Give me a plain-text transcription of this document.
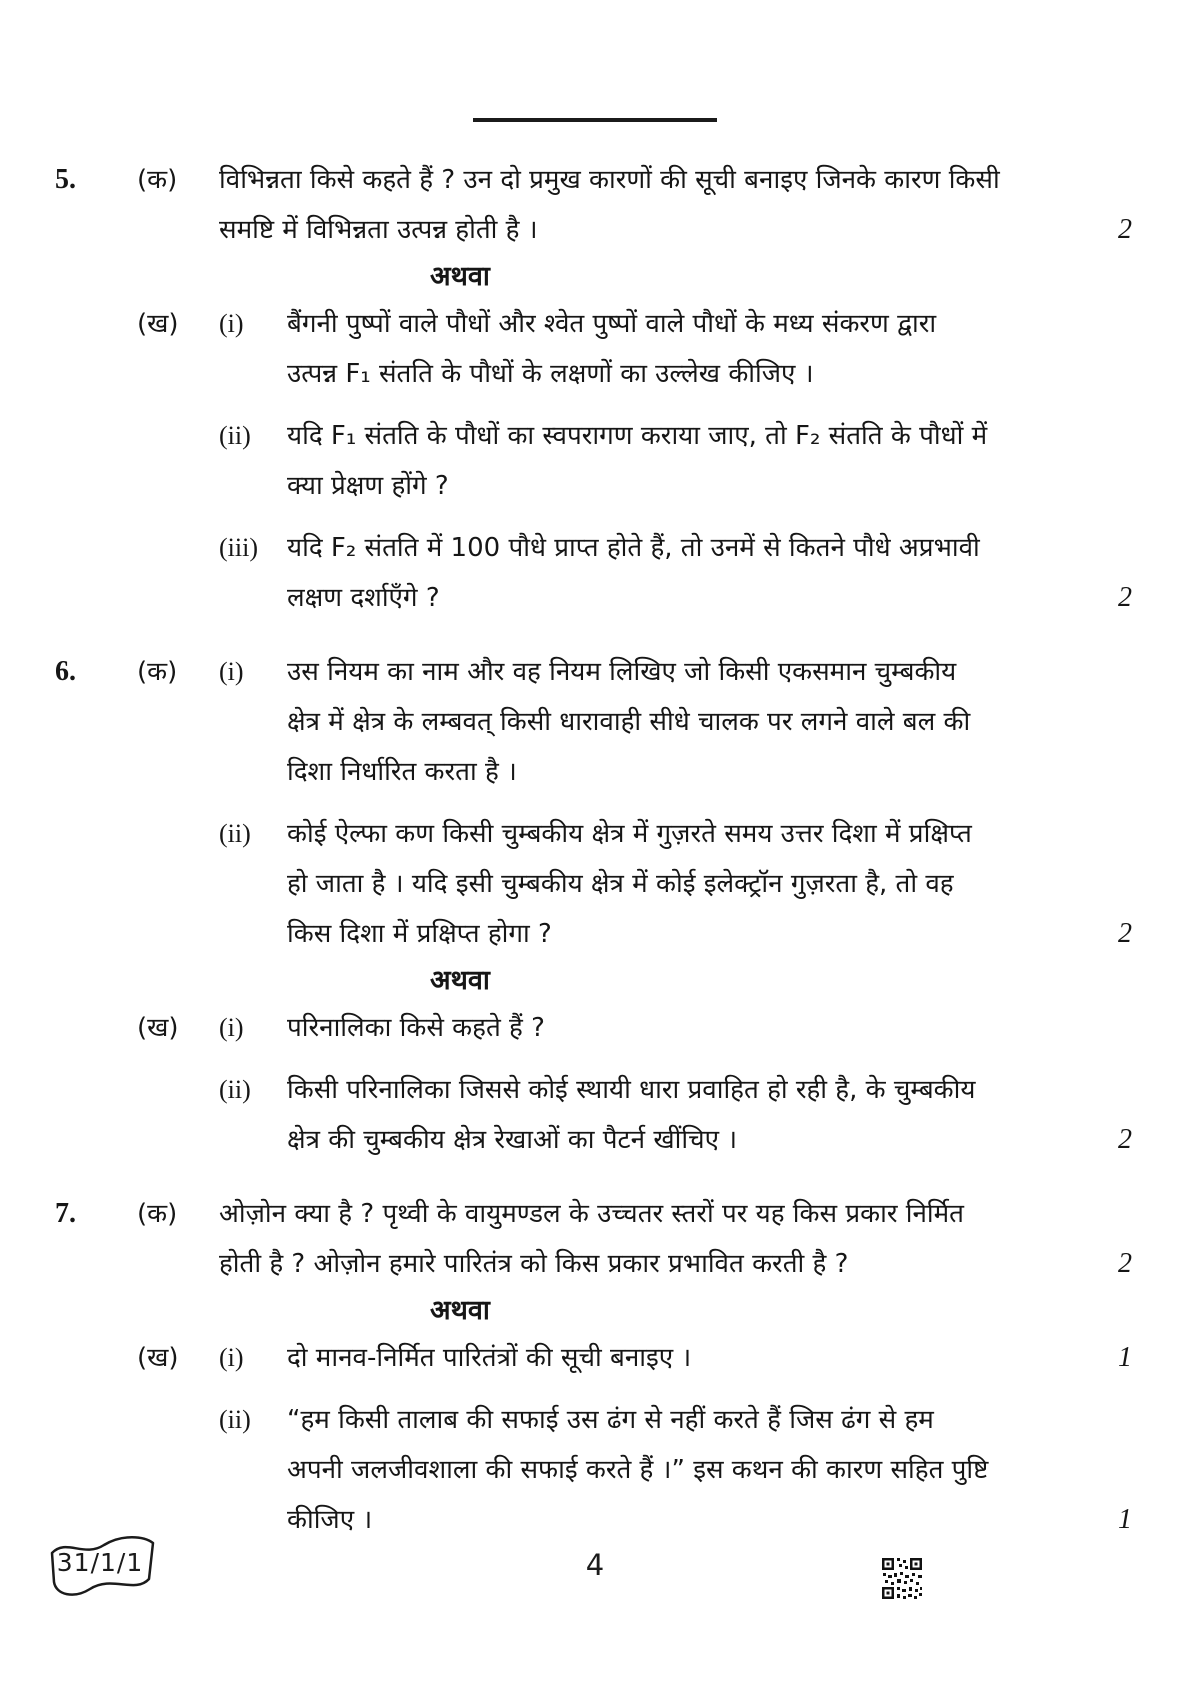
5.	(क)	विभिन्नता किसे कहते हैं ? उन दो प्रमुख कारणों की सूची बनाइए जिनके कारण किसी
समष्टि में विभिन्नता उत्पन्न होती है ।	2
अथवा
(ख)	(i)	बैंगनी पुष्पों वाले पौधों और श्वेत पुष्पों वाले पौधों के मध्य संकरण द्वारा
उत्पन्न F₁ संतति के पौधों के लक्षणों का उल्लेख कीजिए ।
(ii)	यदि F₁ संतति के पौधों का स्वपरागण कराया जाए, तो F₂ संतति के पौधों में
क्या प्रेक्षण होंगे ?
(iii)	यदि F₂ संतति में 100 पौधे प्राप्त होते हैं, तो उनमें से कितने पौधे अप्रभावी
लक्षण दर्शाएँगे ?	2
6.	(क)	(i)	उस नियम का नाम और वह नियम लिखिए जो किसी एकसमान चुम्बकीय
क्षेत्र में क्षेत्र के लम्बवत् किसी धारावाही सीधे चालक पर लगने वाले बल की
दिशा निर्धारित करता है ।
(ii)	कोई ऐल्फा कण किसी चुम्बकीय क्षेत्र में गुज़रते समय उत्तर दिशा में प्रक्षिप्त
हो जाता है । यदि इसी चुम्बकीय क्षेत्र में कोई इलेक्ट्रॉन गुज़रता है, तो वह
किस दिशा में प्रक्षिप्त होगा ?	2
अथवा
(ख)	(i)	परिनालिका किसे कहते हैं ?
(ii)	किसी परिनालिका जिससे कोई स्थायी धारा प्रवाहित हो रही है, के चुम्बकीय
क्षेत्र की चुम्बकीय क्षेत्र रेखाओं का पैटर्न खींचिए ।	2
7.	(क)	ओज़ोन क्या है ? पृथ्वी के वायुमण्डल के उच्चतर स्तरों पर यह किस प्रकार निर्मित
होती है ? ओज़ोन हमारे पारितंत्र को किस प्रकार प्रभावित करती है ?	2
अथवा
(ख)	(i)	दो मानव-निर्मित पारितंत्रों की सूची बनाइए ।	1
(ii)	“हम किसी तालाब की सफाई उस ढंग से नहीं करते हैं जिस ढंग से हम
अपनी जलजीवशाला की सफाई करते हैं ।” इस कथन की कारण सहित पुष्टि
कीजिए ।	1
31/1/1	4
